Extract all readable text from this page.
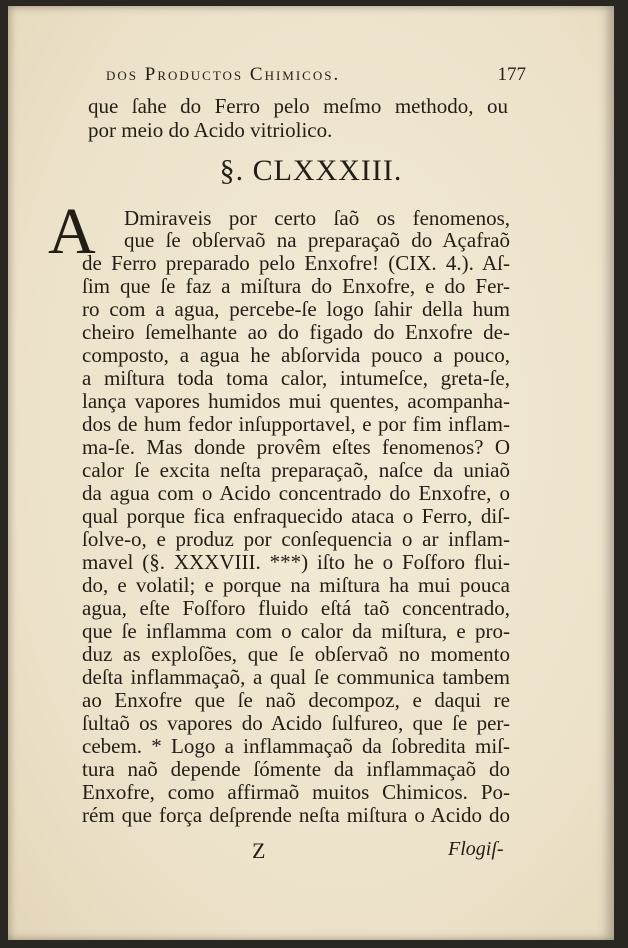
dos Productos Chimicos.	177
que ſahe do Ferro pelo meſmo methodo, ou
por meio do Acido vitriolico.
§. CLXXXIII.
A Dmiraveis por certo ſaõ os fenomenos,
que ſe obſervaõ na preparaçaõ do Açafraõ
de Ferro preparado pelo Enxofre! (CIX. 4.). Aſ-
ſim que ſe faz a miſtura do Enxofre, e do Fer-
ro com a agua, percebe-ſe logo ſahir della hum
cheiro ſemelhante ao do figado do Enxofre de-
composto, a agua he abſorvida pouco a pouco,
a miſtura toda toma calor, intumeſce, greta-ſe,
lança vapores humidos mui quentes, acompanha-
dos de hum fedor inſupportavel, e por fim inflam-
ma-ſe. Mas donde provêm eſtes fenomenos? O
calor ſe excita neſta preparaçaõ, naſce da uniaõ
da agua com o Acido concentrado do Enxofre, o
qual porque fica enfraquecido ataca o Ferro, diſ-
ſolve-o, e produz por conſequencia o ar inflam-
mavel (§. XXXVIII. ***) iſto he o Foſforo flui-
do, e volatil; e porque na miſtura ha mui pouca
agua, eſte Foſforo fluido eſtá taõ concentrado,
que ſe inflamma com o calor da miſtura, e pro-
duz as exploſões, que ſe obſervaõ no momento
deſta inflammaçaõ, a qual ſe communica tambem
ao Enxofre que ſe naõ decompoz, e daqui re
ſultaõ os vapores do Acido ſulfureo, que ſe per-
cebem. * Logo a inflammaçaõ da ſobredita miſ-
tura naõ depende ſómente da inflammaçaõ do
Enxofre, como affirmaõ muitos Chimicos. Po-
rém que força deſprende neſta miſtura o Acido do
Z	Flogiſ-
